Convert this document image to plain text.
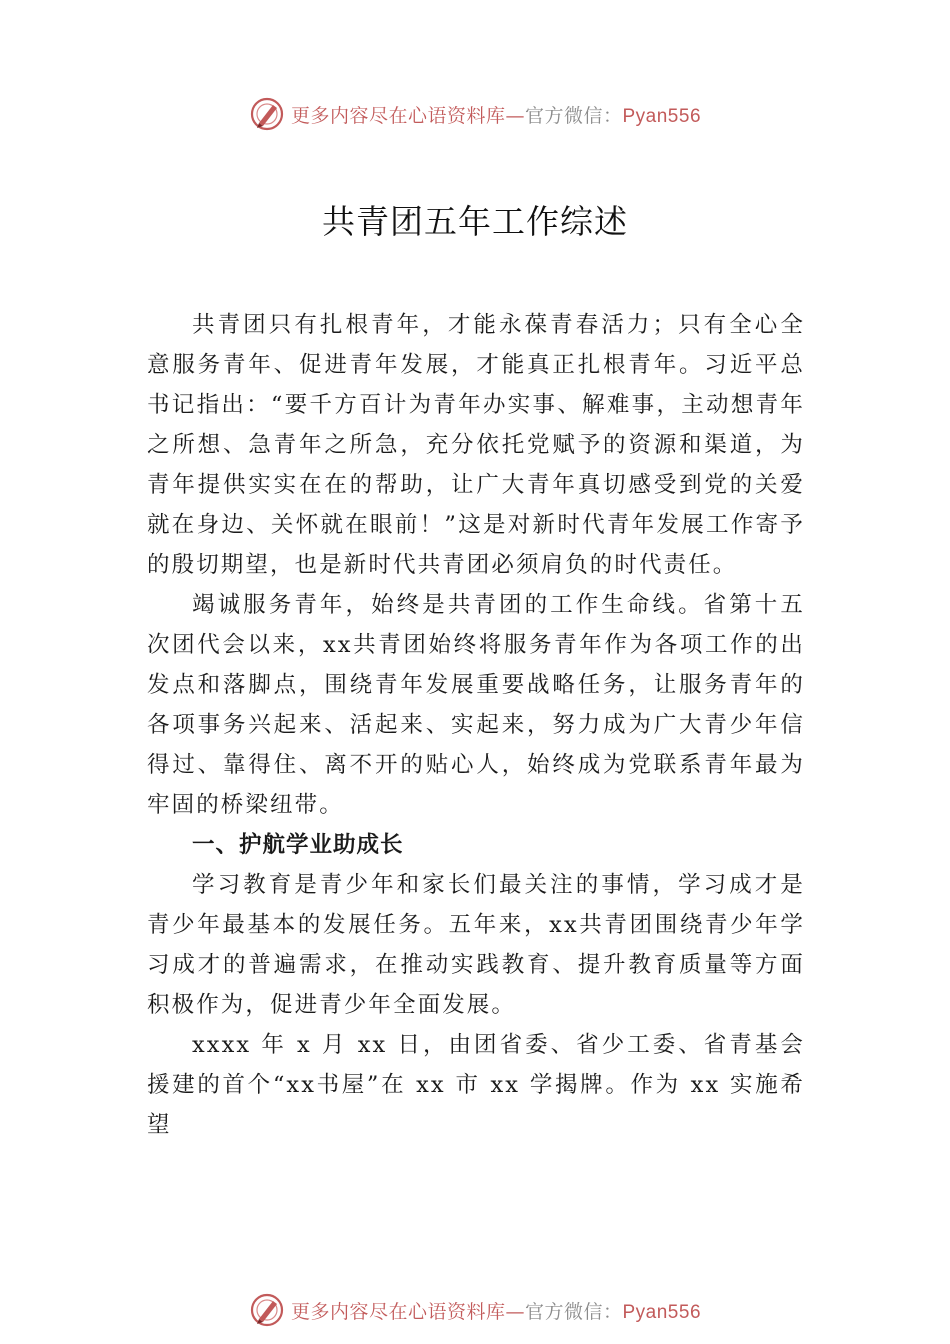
更多内容尽在心语资料库—官方微信：Pyan556
共青团五年工作综述

共青团只有扎根青年，才能永葆青春活力；只有全心全意服务青年、促进青年发展，才能真正扎根青年。习近平总书记指出：“要千方百计为青年办实事、解难事，主动想青年之所想、急青年之所急，充分依托党赋予的资源和渠道，为青年提供实实在在的帮助，让广大青年真切感受到党的关爱就在身边、关怀就在眼前！”这是对新时代青年发展工作寄予的殷切期望，也是新时代共青团必须肩负的时代责任。

竭诚服务青年，始终是共青团的工作生命线。省第十五次团代会以来，xx共青团始终将服务青年作为各项工作的出发点和落脚点，围绕青年发展重要战略任务，让服务青年的各项事务兴起来、活起来、实起来，努力成为广大青少年信得过、靠得住、离不开的贴心人，始终成为党联系青年最为牢固的桥梁纽带。

一、护航学业助成长

学习教育是青少年和家长们最关注的事情，学习成才是青少年最基本的发展任务。五年来，xx共青团围绕青少年学习成才的普遍需求，在推动实践教育、提升教育质量等方面积极作为，促进青少年全面发展。

xxxx 年 x 月 xx 日，由团省委、省少工委、省青基会援建的首个“xx书屋”在 xx 市 xx 学揭牌。作为 xx 实施希望

更多内容尽在心语资料库—官方微信：Pyan556
